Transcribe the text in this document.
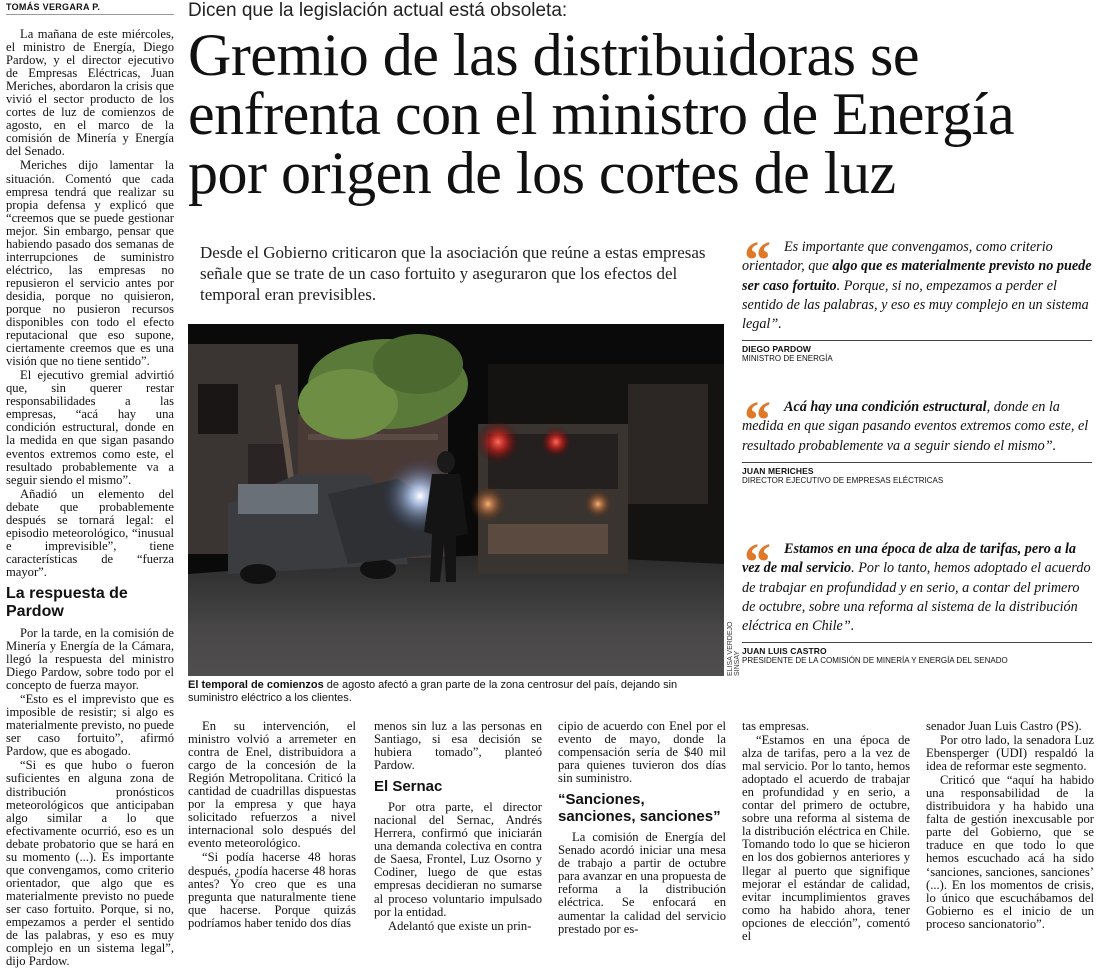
TOMÁS VERGARA P.

La mañana de este miércoles, el ministro de Energía, Diego Pardow, y el director ejecutivo de Empresas Eléctricas, Juan Meriches, abordaron la crisis que vivió el sector producto de los cortes de luz de comienzos de agosto, en el marco de la comisión de Minería y Energía del Senado.

Meriches dijo lamentar la situación. Comentó que cada empresa tendrá que realizar su propia defensa y explicó que “creemos que se puede gestionar mejor. Sin embargo, pensar que habiendo pasado dos semanas de interrupciones de suministro eléctrico, las empresas no repusieron el servicio antes por desidia, porque no quisieron, porque no pusieron recursos disponibles con todo el efecto reputacional que eso supone, ciertamente creemos que es una visión que no tiene sentido”.

El ejecutivo gremial advirtió que, sin querer restar responsabilidades a las empresas, “acá hay una condición estructural, donde en la medida en que sigan pasando eventos extremos como este, el resultado probablemente va a seguir siendo el mismo”.

Añadió un elemento del debate que probablemente después se tornará legal: el episodio meteorológico, “inusual e imprevisible”, tiene características de “fuerza mayor”.

La respuesta de Pardow

Por la tarde, en la comisión de Minería y Energía de la Cámara, llegó la respuesta del ministro Diego Pardow, sobre todo por el concepto de fuerza mayor.

“Esto es el imprevisto que es imposible de resistir; si algo es materialmente previsto, no puede ser caso fortuito”, afirmó Pardow, que es abogado.

“Si es que hubo o fueron suficientes en alguna zona de distribución pronósticos meteorológicos que anticipaban algo similar a lo que efectivamente ocurrió, eso es un debate probatorio que se hará en su momento (...). Es importante que convengamos, como criterio orientador, que algo que es materialmente previsto no puede ser caso fortuito. Porque, si no, empezamos a perder el sentido de las palabras, y eso es muy complejo en un sistema legal”, dijo Pardow.

Dicen que la legislación actual está obsoleta:
Gremio de las distribuidoras se enfrenta con el ministro de Energía por origen de los cortes de luz
Desde el Gobierno criticaron que la asociación que reúne a estas empresas señale que se trate de un caso fortuito y aseguraron que los efectos del temporal eran previsibles.
ELISA VERDEJO SINSAY
El temporal de comienzos de agosto afectó a gran parte de la zona centrosur del país, dejando sin suministro eléctrico a los clientes.
“ Es importante que convengamos, como criterio orientador, que algo que es materialmente previsto no puede ser caso fortuito. Porque, si no, empezamos a perder el sentido de las palabras, y eso es muy complejo en un sistema legal”.
DIEGO PARDOW
MINISTRO DE ENERGÍA
“ Acá hay una condición estructural, donde en la medida en que sigan pasando eventos extremos como este, el resultado probablemente va a seguir siendo el mismo”.
JUAN MERICHES
DIRECTOR EJECUTIVO DE EMPRESAS ELÉCTRICAS
“ Estamos en una época de alza de tarifas, pero a la vez de mal servicio. Por lo tanto, hemos adoptado el acuerdo de trabajar en profundidad y en serio, a contar del primero de octubre, sobre una reforma al sistema de la distribución eléctrica en Chile”.
JUAN LUIS CASTRO
PRESIDENTE DE LA COMISIÓN DE MINERÍA Y ENERGÍA DEL SENADO

En su intervención, el ministro volvió a arremeter en contra de Enel, distribuidora a cargo de la concesión de la Región Metropolitana. Criticó la cantidad de cuadrillas dispuestas por la empresa y que haya solicitado refuerzos a nivel internacional solo después del evento meteorológico.

“Si podía hacerse 48 horas después, ¿podía hacerse 48 horas antes? Yo creo que es una pregunta que naturalmente tiene que hacerse. Porque quizás podríamos haber tenido dos días

menos sin luz a las personas en Santiago, si esa decisión se hubiera tomado”, planteó Pardow.

El Sernac

Por otra parte, el director nacional del Sernac, Andrés Herrera, confirmó que iniciarán una demanda colectiva en contra de Saesa, Frontel, Luz Osorno y Codiner, luego de que estas empresas decidieran no sumarse al proceso voluntario impulsado por la entidad.

Adelantó que existe un prin-

cipio de acuerdo con Enel por el evento de mayo, donde la compensación sería de $40 mil para quienes tuvieron dos días sin suministro.

“Sanciones, sanciones, sanciones”

La comisión de Energía del Senado acordó iniciar una mesa de trabajo a partir de octubre para avanzar en una propuesta de reforma a la distribución eléctrica. Se enfocará en aumentar la calidad del servicio prestado por es-

tas empresas.

“Estamos en una época de alza de tarifas, pero a la vez de mal servicio. Por lo tanto, hemos adoptado el acuerdo de trabajar en profundidad y en serio, a contar del primero de octubre, sobre una reforma al sistema de la distribución eléctrica en Chile. Tomando todo lo que se hicieron en los dos gobiernos anteriores y llegar al puerto que signifique mejorar el estándar de calidad, evitar incumplimientos graves como ha habido ahora, tener opciones de elección”, comentó el

senador Juan Luis Castro (PS).

Por otro lado, la senadora Luz Ebensperger (UDI) respaldó la idea de reformar este segmento.

Criticó que “aquí ha habido una responsabilidad de la distribuidora y ha habido una falta de gestión inexcusable por parte del Gobierno, que se traduce en que todo lo que hemos escuchado acá ha sido ‘sanciones, sanciones, sanciones’ (...). En los momentos de crisis, lo único que escuchábamos del Gobierno es el inicio de un proceso sancionatorio”.
